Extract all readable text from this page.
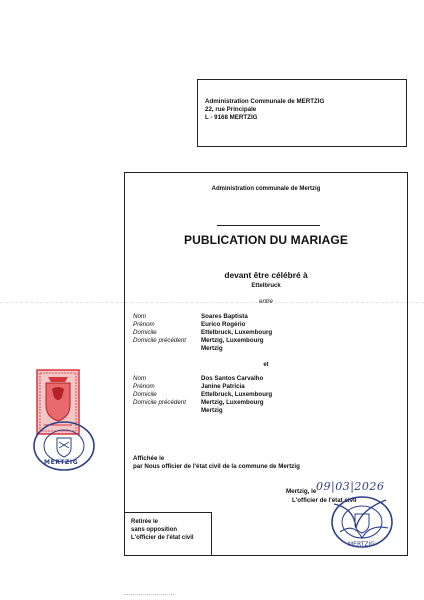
Administration Communale de MERTZIG
22, rue Principale
L - 9168 MERTZIG
Administration communale de Mertzig
PUBLICATION DU MARIAGE
devant être célébré à
Ettelbruck
entre
Nom
Prénom
Domicile
Domicile précédent
Soares Baptista
Eurico Rogério
Ettelbruck, Luxembourg
Mertzig, Luxembourg
Mertzig
et
Nom
Prénom
Domicile
Domicile précédent
Dos Santos Carvalho
Janine Patricia
Ettelbruck, Luxembourg
Mertzig, Luxembourg
Mertzig
Affichée le
par Nous officier de l'état civil de la commune de Mertzig
Mertzig, le 09|03|2026
L'officier de l'état civil
Retirée le
sans opposition
L'officier de l'état civil
MERTZIG
MERTZIG
